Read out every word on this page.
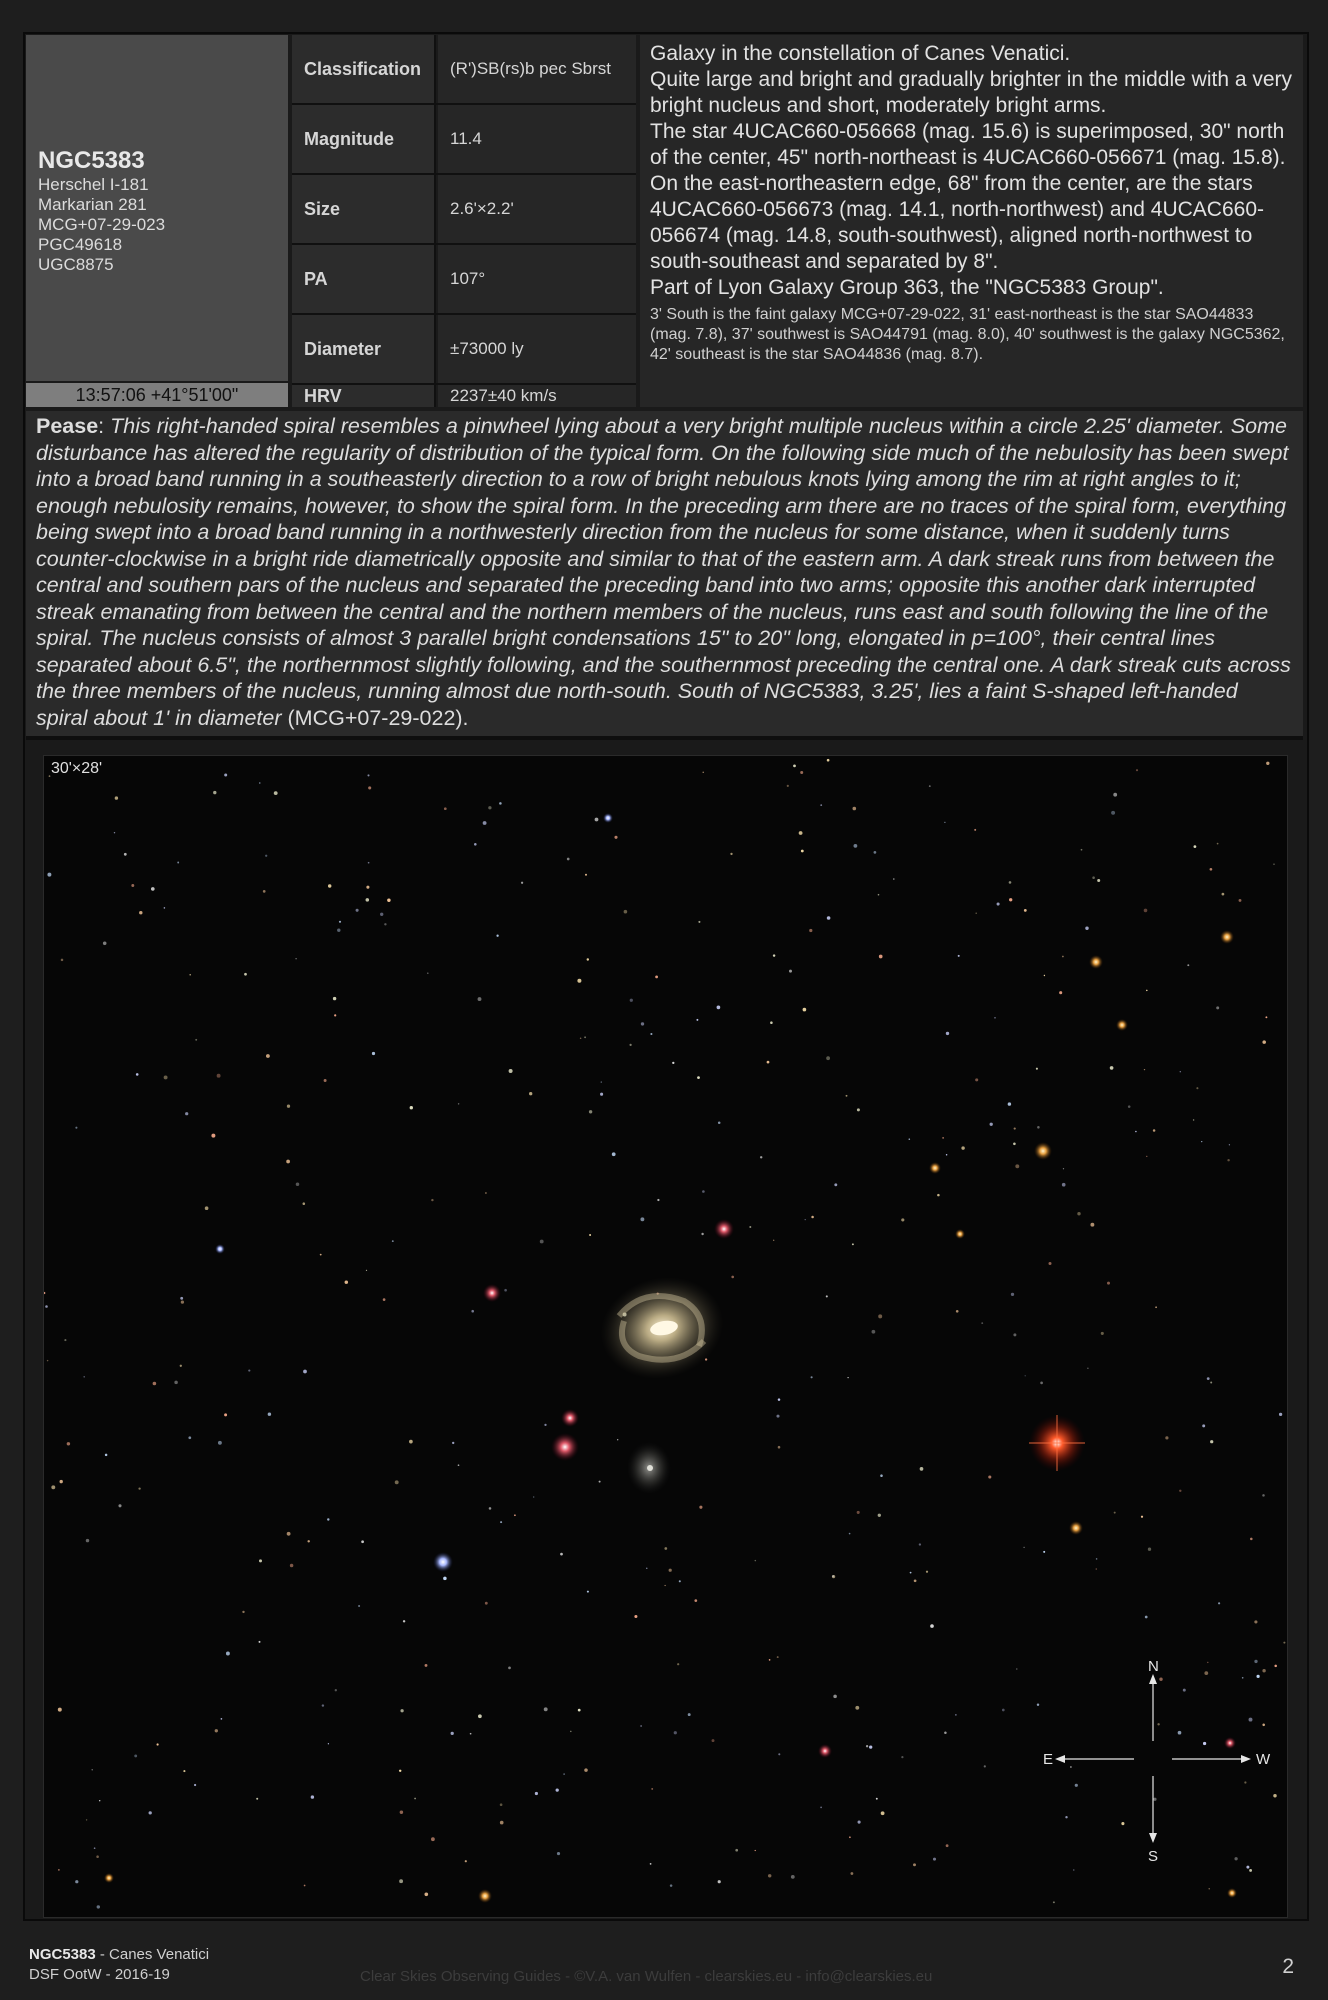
NGC5383
Herschel I-181
Markarian 281
MCG+07-29-023
PGC49618
UGC8875
13:57:06 +41°51'00"
Classification	(R')SB(rs)b pec Sbrst
Magnitude	11.4
Size	2.6'×2.2'
PA	107°
Diameter	±73000 ly
HRV	2237±40 km/s

Galaxy in the constellation of Canes Venatici.

Quite large and bright and gradually brighter in the middle with a very bright nucleus and short, moderately bright arms.

The star 4UCAC660-056668 (mag. 15.6) is superimposed, 30" north of the center, 45" north-northeast is 4UCAC660-056671 (mag. 15.8).

On the east-northeastern edge, 68" from the center, are the stars 4UCAC660-056673 (mag. 14.1, north-northwest) and 4UCAC660-056674 (mag. 14.8, south-southwest), aligned north-northwest to south-southeast and separated by 8".

Part of Lyon Galaxy Group 363, the "NGC5383 Group".

3' South is the faint galaxy MCG+07-29-022, 31' east-northeast is the star SAO44833 (mag. 7.8), 37' southwest is SAO44791 (mag. 8.0), 40' southwest is the galaxy NGC5362, 42' southeast is the star SAO44836 (mag. 8.7).

Pease: This right-handed spiral resembles a pinwheel lying about a very bright multiple nucleus within a circle 2.25' diameter. Some disturbance has altered the regularity of distribution of the typical form. On the following side much of the nebulosity has been swept into a broad band running in a southeasterly direction to a row of bright nebulous knots lying among the rim at right angles to it; enough nebulosity remains, however, to show the spiral form. In the preceding arm there are no traces of the spiral form, everything being swept into a broad band running in a northwesterly direction from the nucleus for some distance, when it suddenly turns counter-clockwise in a bright ride diametrically opposite and similar to that of the eastern arm. A dark streak runs from between the central and southern pars of the nucleus and separated the preceding band into two arms; opposite this another dark interrupted streak emanating from between the central and the northern members of the nucleus, runs east and south following the line of the spiral. The nucleus consists of almost 3 parallel bright condensations 15" to 20" long, elongated in p=100°, their central lines separated about 6.5", the northernmost slightly following, and the southernmost preceding the central one. A dark streak cuts across the three members of the nucleus, running almost due north-south. South of NGC5383, 3.25', lies a faint S-shaped left-handed spiral about 1' in diameter (MCG+07-29-022).
N
S
E	W
30'×28'
NGC5383 - Canes Venatici
DSF OotW - 2016-19	Clear Skies Observing Guides - ©V.A. van Wulfen - clearskies.eu - info@clearskies.eu	2
